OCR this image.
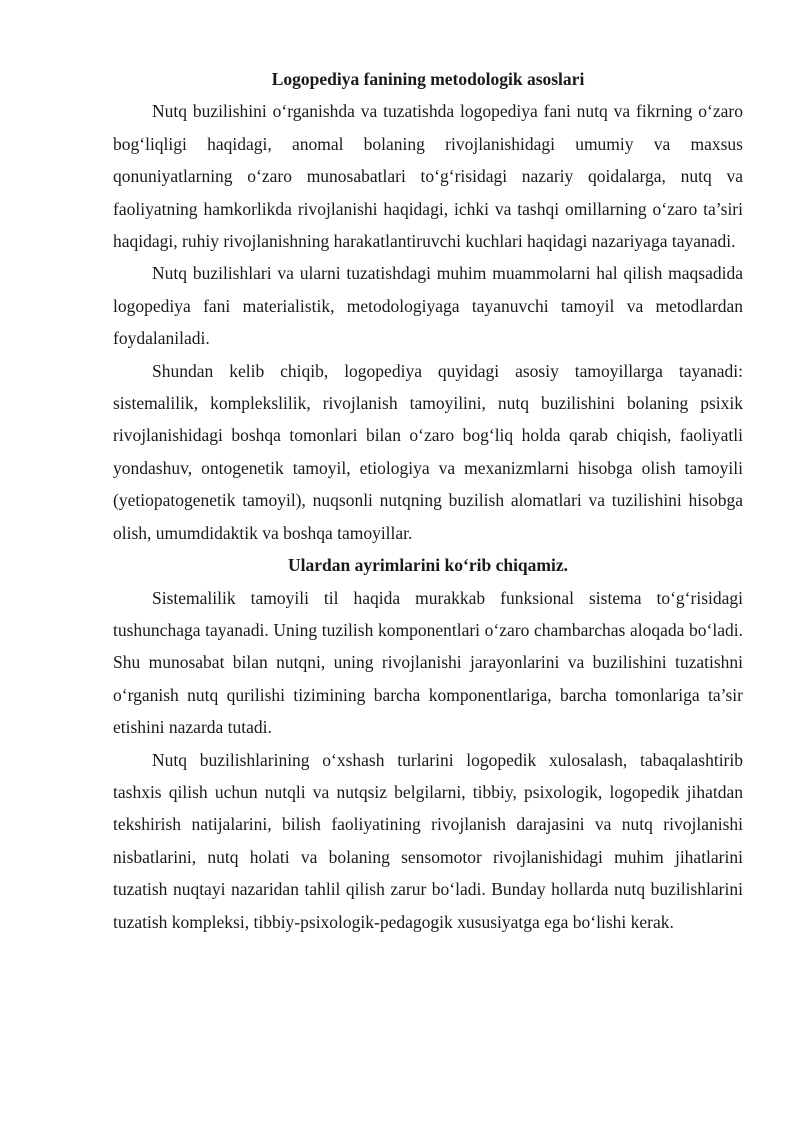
Logopediya fanining metodologik asoslari

Nutq buzilishini o‘rganishda va tuzatishda logopediya fani nutq va fikrning o‘zaro bog‘liqligi haqidagi, anomal bolaning rivojlanishidagi umumiy va maxsus qonuniyatlarning o‘zaro munosabatlari to‘g‘risidagi nazariy qoidalarga, nutq va faoliyatning hamkorlikda rivojlanishi haqidagi, ichki va tashqi omillarning o‘zaro ta’siri haqidagi, ruhiy rivojlanishning harakatlantiruvchi kuchlari haqidagi nazariyaga tayanadi.

Nutq buzilishlari va ularni tuzatishdagi muhim muammolarni hal qilish maqsadida logopediya fani materialistik, metodologiyaga tayanuvchi tamoyil va metodlardan foydalaniladi.

Shundan kelib chiqib, logopediya quyidagi asosiy tamoyillarga tayanadi: sistemalilik, komplekslilik, rivojlanish tamoyilini, nutq buzilishini bolaning psixik rivojlanishidagi boshqa tomonlari bilan o‘zaro bog‘liq holda qarab chiqish, faoliyatli yondashuv, ontogenetik tamoyil, etiologiya va mexanizmlarni hisobga olish tamoyili (yetiopatogenetik tamoyil), nuqsonli nutqning buzilish alomatlari va tuzilishini hisobga olish, umumdidaktik va boshqa tamoyillar.

Ulardan ayrimlarini ko‘rib chiqamiz.

Sistemalilik tamoyili til haqida murakkab funksional sistema to‘g‘risidagi tushunchaga tayanadi. Uning tuzilish komponentlari o‘zaro chambarchas aloqada bo‘ladi. Shu munosabat bilan nutqni, uning rivojlanishi jarayonlarini va buzilishini tuzatishni o‘rganish nutq qurilishi tizimining barcha komponentlariga, barcha tomonlariga ta’sir etishini nazarda tutadi.

Nutq buzilishlarining o‘xshash turlarini logopedik xulosalash, tabaqalashtirib tashxis qilish uchun nutqli va nutqsiz belgilarni, tibbiy, psixologik, logopedik jihatdan tekshirish natijalarini, bilish faoliyatining rivojlanish darajasini va nutq rivojlanishi nisbatlarini, nutq holati va bolaning sensomotor rivojlanishidagi muhim jihatlarini tuzatish nuqtayi nazaridan tahlil qilish zarur bo‘ladi. Bunday hollarda nutq buzilishlarini tuzatish kompleksi, tibbiy-psixologik-pedagogik xususiyatga ega bo‘lishi kerak.
